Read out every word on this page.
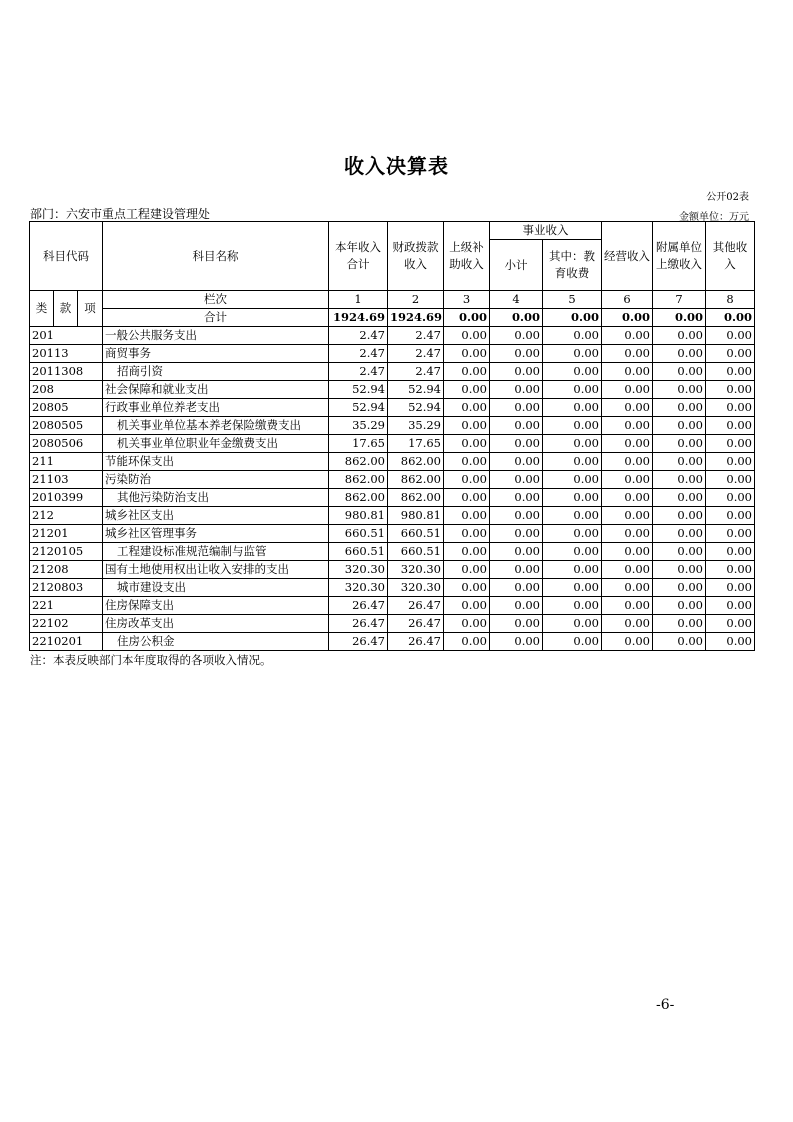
收入决算表
公开02表
部门：六安市重点工程建设管理处	金额单位：万元
科目代码			科目名称	本年收入合计	财政拨款收入	上级补助收入	事业收入		经营收入	附属单位上缴收入	其他收入
							小计	其中：教育收费			
类	款	项	栏次	1	2	3	4	5	6	7	8
			合计	1924.69	1924.69	0.00	0.00	0.00	0.00	0.00	0.00
201			一般公共服务支出	2.47	2.47	0.00	0.00	0.00	0.00	0.00	0.00
20113			商贸事务	2.47	2.47	0.00	0.00	0.00	0.00	0.00	0.00
2011308			招商引资	2.47	2.47	0.00	0.00	0.00	0.00	0.00	0.00
208			社会保障和就业支出	52.94	52.94	0.00	0.00	0.00	0.00	0.00	0.00
20805			行政事业单位养老支出	52.94	52.94	0.00	0.00	0.00	0.00	0.00	0.00
2080505			机关事业单位基本养老保险缴费支出	35.29	35.29	0.00	0.00	0.00	0.00	0.00	0.00
2080506			机关事业单位职业年金缴费支出	17.65	17.65	0.00	0.00	0.00	0.00	0.00	0.00
211			节能环保支出	862.00	862.00	0.00	0.00	0.00	0.00	0.00	0.00
21103			污染防治	862.00	862.00	0.00	0.00	0.00	0.00	0.00	0.00
2010399			其他污染防治支出	862.00	862.00	0.00	0.00	0.00	0.00	0.00	0.00
212			城乡社区支出	980.81	980.81	0.00	0.00	0.00	0.00	0.00	0.00
21201			城乡社区管理事务	660.51	660.51	0.00	0.00	0.00	0.00	0.00	0.00
2120105			工程建设标准规范编制与监管	660.51	660.51	0.00	0.00	0.00	0.00	0.00	0.00
21208			国有土地使用权出让收入安排的支出	320.30	320.30	0.00	0.00	0.00	0.00	0.00	0.00
2120803			城市建设支出	320.30	320.30	0.00	0.00	0.00	0.00	0.00	0.00
221			住房保障支出	26.47	26.47	0.00	0.00	0.00	0.00	0.00	0.00
22102			住房改革支出	26.47	26.47	0.00	0.00	0.00	0.00	0.00	0.00
2210201			住房公积金	26.47	26.47	0.00	0.00	0.00	0.00	0.00	0.00
注：本表反映部门本年度取得的各项收入情况。
-6-
